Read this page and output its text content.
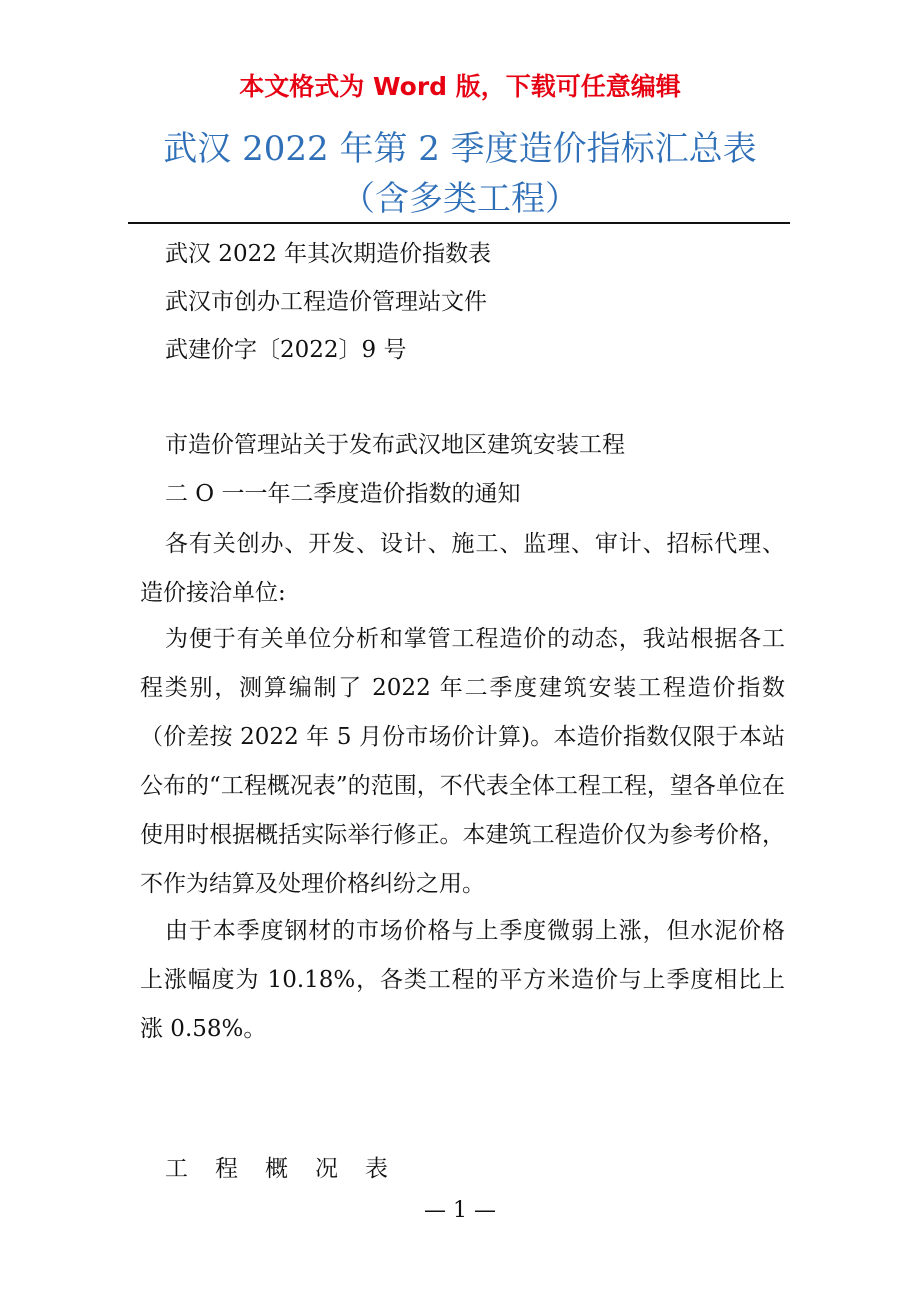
本文格式为 Word 版，下载可任意编辑
武汉 2022 年第 2 季度造价指标汇总表（含多类工程）
武汉 2022 年其次期造价指数表
武汉市创办工程造价管理站文件
武建价字〔2022〕9 号
市造价管理站关于发布武汉地区建筑安装工程
二 O 一一年二季度造价指数的通知
各有关创办、开发、设计、施工、监理、审计、招标代理、造价接洽单位:
为便于有关单位分析和掌管工程造价的动态，我站根据各工程类别，测算编制了 2022 年二季度建筑安装工程造价指数（价差按 2022 年 5 月份市场价计算)。本造价指数仅限于本站公布的“工程概况表”的范围，不代表全体工程工程，望各单位在使用时根据概括实际举行修正。本建筑工程造价仅为参考价格，不作为结算及处理价格纠纷之用。
由于本季度钢材的市场价格与上季度微弱上涨，但水泥价格上涨幅度为 10.18%，各类工程的平方米造价与上季度相比上涨 0.58%。
工程概况表
— 1 —
